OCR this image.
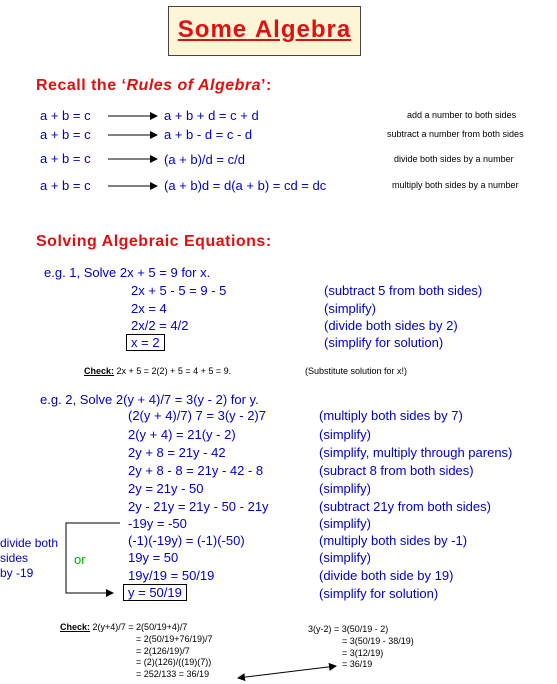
Some Algebra
Recall the ‘Rules of Algebra’:
a + b = c	a + b + d = c + d	add a number to both sides
a + b = c	a + b - d = c - d	subtract a number from both sides
a + b = c	(a + b)/d = c/d	divide both sides by a number
a + b = c	(a + b)d = d(a + b) = cd = dc	multiply both sides by a number
Solving Algebraic Equations:
e.g. 1, Solve 2x + 5 = 9 for x.
2x + 5 - 5 = 9 - 5	(subtract 5 from both sides)
2x = 4	(simplify)
2x/2 = 4/2	(divide both sides by 2)
x = 2	(simplify for solution)
Check: 2x + 5 = 2(2) + 5 = 4 + 5 = 9.	(Substitute solution for x!)
e.g. 2, Solve 2(y + 4)/7 = 3(y - 2) for y.
(2(y + 4)/7) 7 = 3(y - 2)7	(multiply both sides by 7)
2(y + 4) = 21(y - 2)	(simplify)
2y + 8 = 21y - 42	(simplify, multiply through parens)
2y + 8 - 8 = 21y - 42 - 8	(subract 8 from both sides)
2y = 21y - 50	(simplify)
2y - 21y = 21y - 50 - 21y	(subtract 21y from both sides)
-19y = -50	(simplify)
(-1)(-19y) = (-1)(-50)	(multiply both sides by -1)
19y = 50	(simplify)
19y/19 = 50/19	(divide both side by 19)
y = 50/19	(simplify for solution)
divide both
sides
by -19
or
Check: 2(y+4)/7 = 2(50/19+4)/7
= 2(50/19+76/19)/7
= 2(126/19)/7
= (2)(126)/((19)(7))
= 252/133 = 36/19
3(y-2) = 3(50/19 - 2)
= 3(50/19 - 38/19)
= 3(12/19)
= 36/19
